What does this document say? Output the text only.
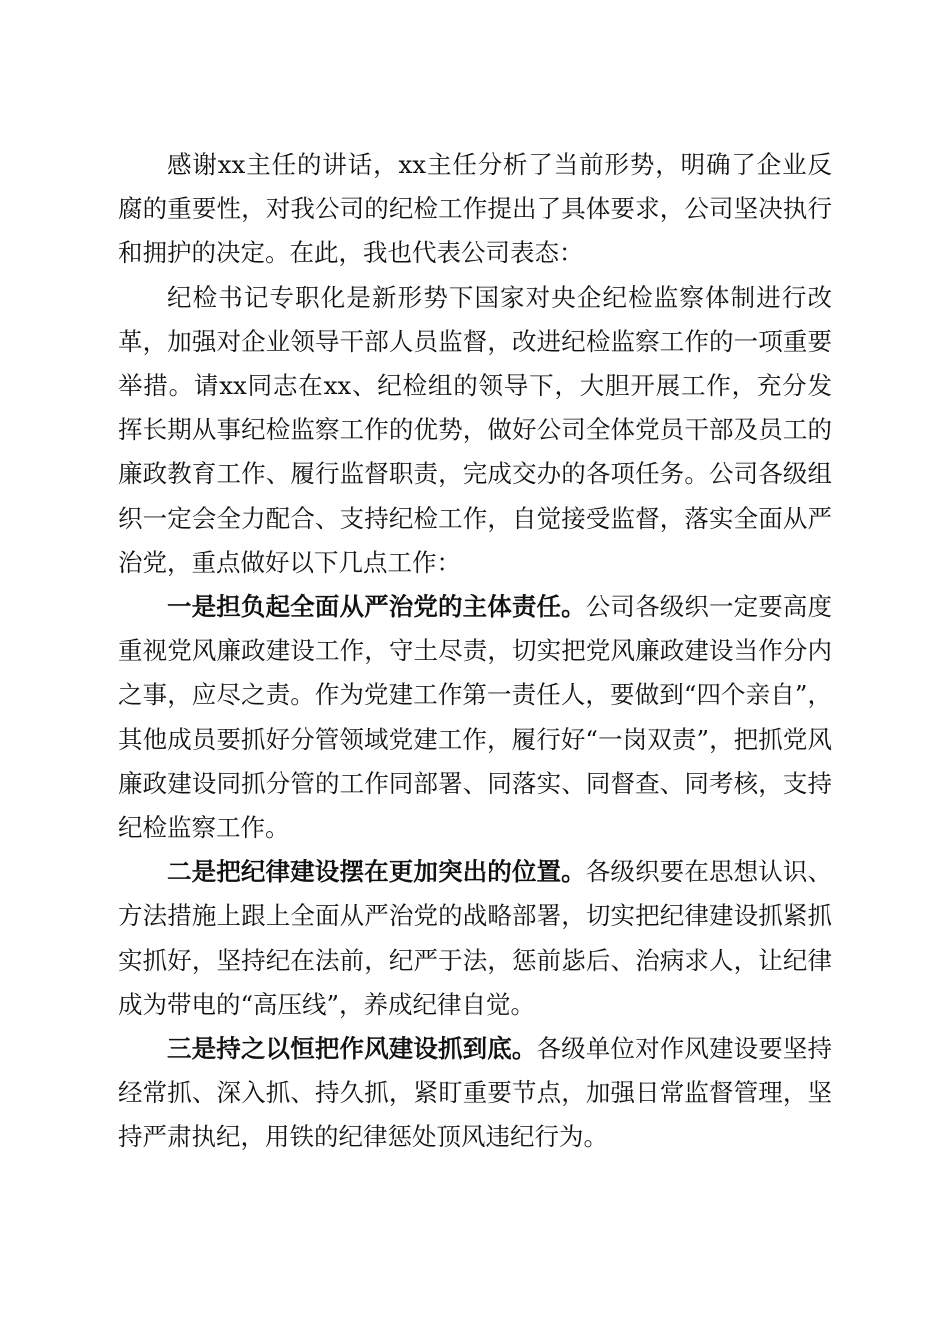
感谢xx主任的讲话，xx主任分析了当前形势，明确了企业反腐的重要性，对我公司的纪检工作提出了具体要求，公司坚决执行和拥护的决定。在此，我也代表公司表态：

纪检书记专职化是新形势下国家对央企纪检监察体制进行改革，加强对企业领导干部人员监督，改进纪检监察工作的一项重要举措。请xx同志在xx、纪检组的领导下，大胆开展工作，充分发挥长期从事纪检监察工作的优势，做好公司全体党员干部及员工的廉政教育工作、履行监督职责，完成交办的各项任务。公司各级组织一定会全力配合、支持纪检工作，自觉接受监督，落实全面从严治党，重点做好以下几点工作：

一是担负起全面从严治党的主体责任。公司各级织一定要高度重视党风廉政建设工作，守土尽责，切实把党风廉政建设当作分内之事，应尽之责。作为党建工作第一责任人，要做到“四个亲自”，其他成员要抓好分管领域党建工作，履行好“一岗双责”，把抓党风廉政建设同抓分管的工作同部署、同落实、同督查、同考核，支持纪检监察工作。

二是把纪律建设摆在更加突出的位置。各级织要在思想认识、方法措施上跟上全面从严治党的战略部署，切实把纪律建设抓紧抓实抓好，坚持纪在法前，纪严于法，惩前毖后、治病求人，让纪律成为带电的“高压线”，养成纪律自觉。

三是持之以恒把作风建设抓到底。各级单位对作风建设要坚持经常抓、深入抓、持久抓，紧盯重要节点，加强日常监督管理，坚持严肃执纪，用铁的纪律惩处顶风违纪行为。
